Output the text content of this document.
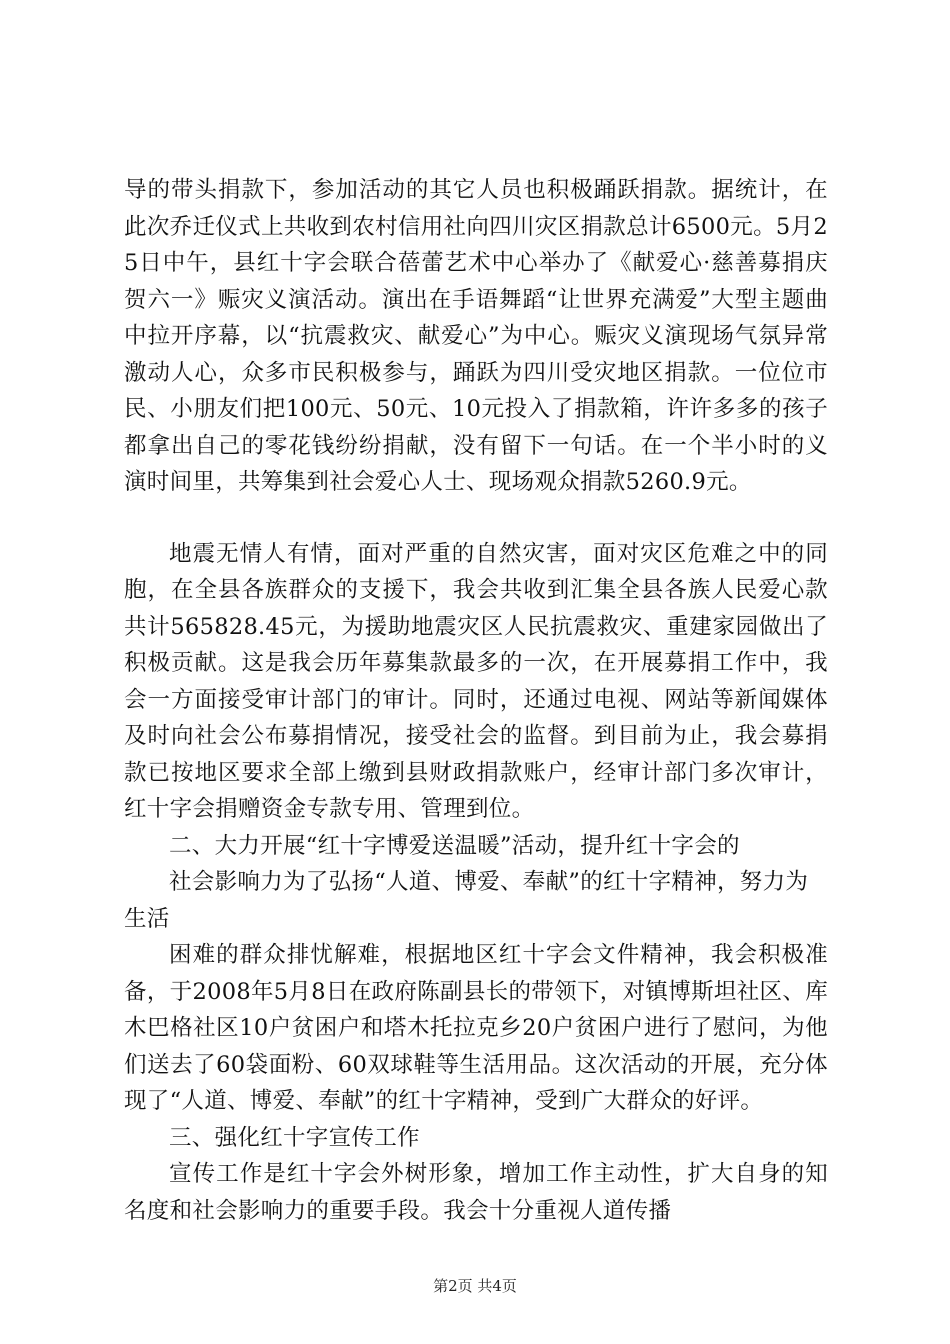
导的带头捐款下，参加活动的其它人员也积极踊跃捐款。据统计，在此次乔迁仪式上共收到农村信用社向四川灾区捐款总计6500元。5月25日中午，县红十字会联合蓓蕾艺术中心举办了《献爱心·慈善募捐庆贺六一》赈灾义演活动。演出在手语舞蹈“让世界充满爱”大型主题曲中拉开序幕，以“抗震救灾、献爱心”为中心。赈灾义演现场气氛异常激动人心，众多市民积极参与，踊跃为四川受灾地区捐款。一位位市民、小朋友们把100元、50元、10元投入了捐款箱，许许多多的孩子都拿出自己的零花钱纷纷捐献，没有留下一句话。在一个半小时的义演时间里，共筹集到社会爱心人士、现场观众捐款5260.9元。

地震无情人有情，面对严重的自然灾害，面对灾区危难之中的同胞，在全县各族群众的支援下，我会共收到汇集全县各族人民爱心款共计565828.45元，为援助地震灾区人民抗震救灾、重建家园做出了积极贡献。这是我会历年募集款最多的一次，在开展募捐工作中，我会一方面接受审计部门的审计。同时，还通过电视、网站等新闻媒体及时向社会公布募捐情况，接受社会的监督。到目前为止，我会募捐款已按地区要求全部上缴到县财政捐款账户，经审计部门多次审计，红十字会捐赠资金专款专用、管理到位。

二、大力开展“红十字博爱送温暖”活动，提升红十字会的

社会影响力为了弘扬“人道、博爱、奉献”的红十字精神，努力为生活

困难的群众排忧解难，根据地区红十字会文件精神，我会积极准备，于2008年5月8日在政府陈副县长的带领下，对镇博斯坦社区、库木巴格社区10户贫困户和塔木托拉克乡20户贫困户进行了慰问，为他们送去了60袋面粉、60双球鞋等生活用品。这次活动的开展，充分体现了“人道、博爱、奉献”的红十字精神，受到广大群众的好评。

三、强化红十字宣传工作

宣传工作是红十字会外树形象，增加工作主动性，扩大自身的知名度和社会影响力的重要手段。我会十分重视人道传播

第2页 共4页
